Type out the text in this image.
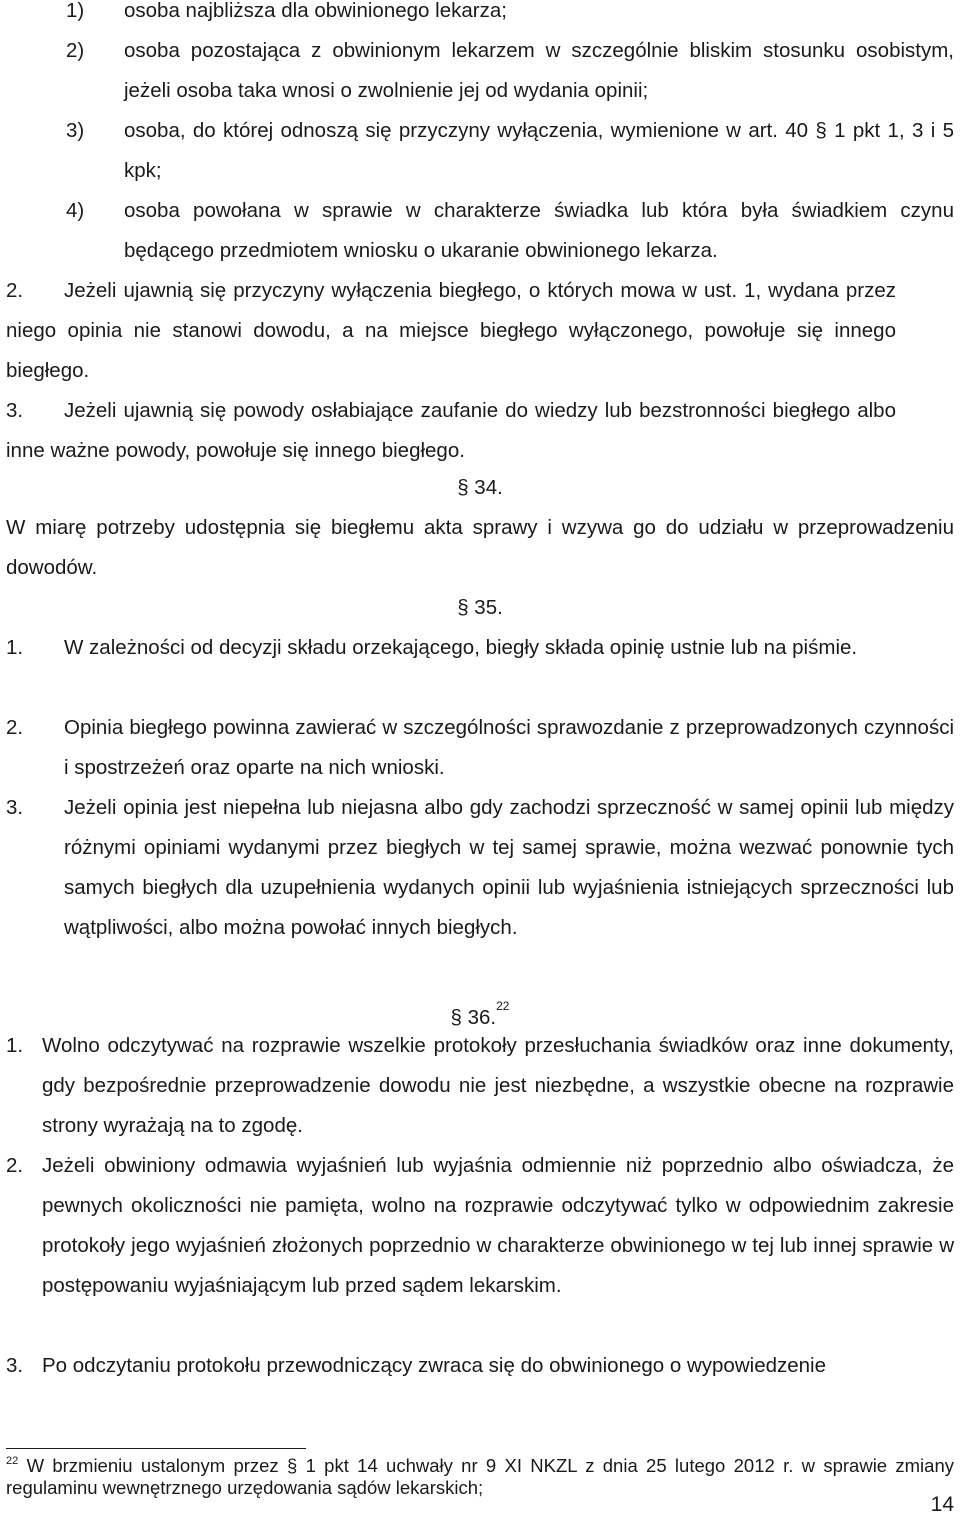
1)	osoba najbliższa dla obwinionego lekarza;
2)	osoba pozostająca z obwinionym lekarzem w szczególnie bliskim stosunku osobistym, jeżeli osoba taka wnosi o zwolnienie jej od wydania opinii;
3)	osoba, do której odnoszą się przyczyny wyłączenia, wymienione w art. 40 § 1 pkt 1, 3 i 5 kpk;
4)	osoba powołana w sprawie w charakterze świadka lub która była świadkiem czynu będącego przedmiotem wniosku o ukaranie obwinionego lekarza.
2.	Jeżeli ujawnią się przyczyny wyłączenia biegłego, o których mowa w ust. 1, wydana przez niego opinia nie stanowi dowodu, a na miejsce biegłego wyłączonego, powołuje się innego biegłego.
3.	Jeżeli ujawnią się powody osłabiające zaufanie do wiedzy lub bezstronności biegłego albo inne ważne powody, powołuje się innego biegłego.
§ 34.
W miarę potrzeby udostępnia się biegłemu akta sprawy i wzywa go do udziału w przeprowadzeniu dowodów.
§ 35.
1.	W zależności od decyzji składu orzekającego, biegły składa opinię ustnie lub na piśmie.
2.	Opinia biegłego powinna zawierać w szczególności sprawozdanie z przeprowadzonych czynności i spostrzeżeń oraz oparte na nich wnioski.
3.	Jeżeli opinia jest niepełna lub niejasna albo gdy zachodzi sprzeczność w samej opinii lub między różnymi opiniami wydanymi przez biegłych w tej samej sprawie, można wezwać ponownie tych samych biegłych dla uzupełnienia wydanych opinii lub wyjaśnienia istniejących sprzeczności lub wątpliwości, albo można powołać innych biegłych.
§ 36.22
1. Wolno odczytywać na rozprawie wszelkie protokoły przesłuchania świadków oraz inne dokumenty, gdy bezpośrednie przeprowadzenie dowodu nie jest niezbędne, a wszystkie obecne na rozprawie strony wyrażają na to zgodę.
2. Jeżeli obwiniony odmawia wyjaśnień lub wyjaśnia odmiennie niż poprzednio albo oświadcza, że pewnych okoliczności nie pamięta, wolno na rozprawie odczytywać tylko w odpowiednim zakresie protokoły jego wyjaśnień złożonych poprzednio w charakterze obwinionego w tej lub innej sprawie w postępowaniu wyjaśniającym lub przed sądem lekarskim.
3. Po odczytaniu protokołu przewodniczący zwraca się do obwinionego o wypowiedzenie
$^{22}$ W brzmieniu ustalonym przez § 1 pkt 14 uchwały nr 9 XI NKZL z dnia 25 lutego 2012 r. w sprawie zmiany regulaminu wewnętrznego urzędowania sądów lekarskich;
14
